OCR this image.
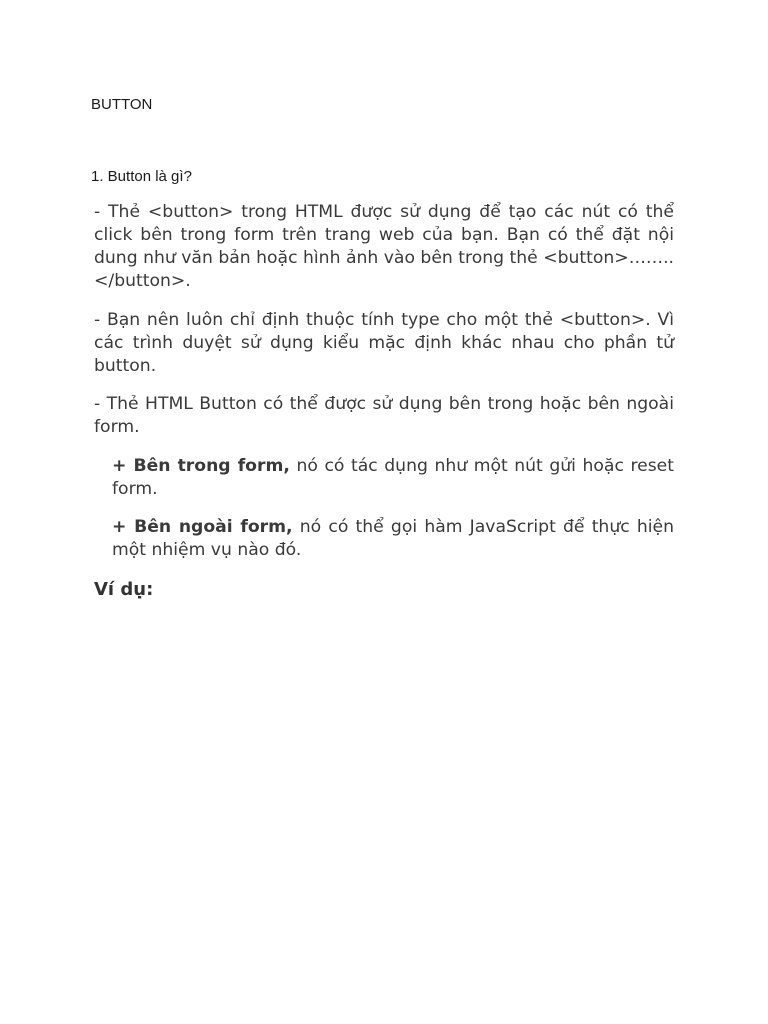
BUTTON
1. Button là gì?

- Thẻ <button> trong HTML được sử dụng để tạo các nút có thể click bên trong form trên trang web của bạn. Bạn có thể đặt nội dung như văn bản hoặc hình ảnh vào bên trong thẻ <button>……..</button>.

- Bạn nên luôn chỉ định thuộc tính type cho một thẻ <button>. Vì các trình duyệt sử dụng kiểu mặc định khác nhau cho phần tử button.

- Thẻ HTML Button có thể được sử dụng bên trong hoặc bên ngoài form.

+ Bên trong form, nó có tác dụng như một nút gửi hoặc reset form.

+ Bên ngoài form, nó có thể gọi hàm JavaScript để thực hiện một nhiệm vụ nào đó.

Ví dụ:
